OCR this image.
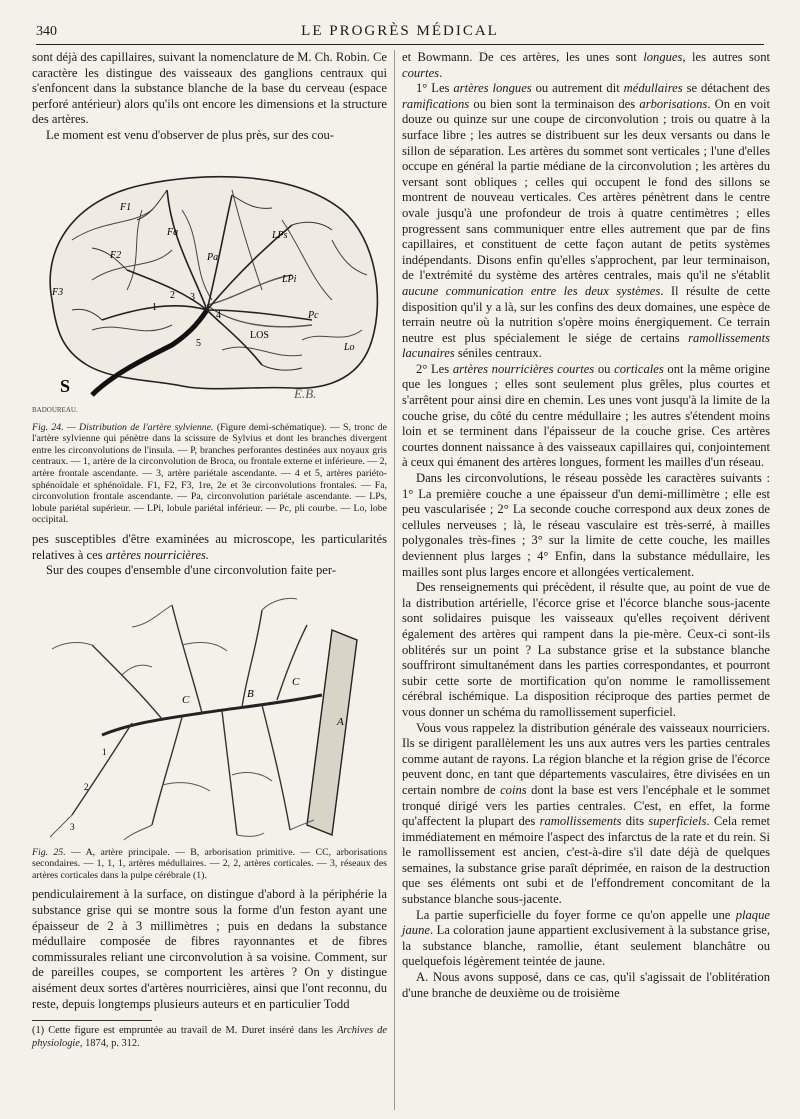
340	LE PROGRÈS MÉDICAL

sont déjà des capillaires, suivant la nomenclature de M. Ch. Robin. Ce caractère les distingue des vaisseaux des ganglions centraux qui s'enfoncent dans la substance blanche de la base du cerveau (espace perforé antérieur) alors qu'ils ont encore les dimensions et la structure des artères.

Le moment est venu d'observer de plus près, sur des cou-

F1
F2
F3
Fa
Pa
LPs
LPi
Pc
LOS
Lo
1
2 3
4
5
S	E.B.
BADOUREAU.
Fig. 24. — Distribution de l'artère sylvienne. (Figure demi-schématique). — S, tronc de l'artère sylvienne qui pénètre dans la scissure de Sylvius et dont les branches divergent entre les circonvolutions de l'insula. — P, branches perforantes destinées aux noyaux gris centraux. — 1, artère de la circonvolution de Broca, ou frontale externe et inférieure. — 2, artère frontale ascendante. — 3, artère pariétale ascendante. — 4 et 5, artères pariéto-sphénoïdale et sphénoïdale. F1, F2, F3, 1re, 2e et 3e circonvolutions frontales. — Fa, circonvolution frontale ascendante. — Pa, circonvolution pariétale ascendante. — LPs, lobule pariétal supérieur. — LPi, lobule pariétal inférieur. — Pc, pli courbe. — Lo, lobe occipital.

pes susceptibles d'être examinées au microscope, les particularités relatives à ces artères nourricières.

Sur des coupes d'ensemble d'une circonvolution faite per-

A
B
C
C
1
2
3
Fig. 25. — A, artère principale. — B, arborisation primitive. — CC, arborisations secondaires. — 1, 1, 1, artères médullaires. — 2, 2, artères corticales. — 3, réseaux des artères corticales dans la pulpe cérébrale (1).

pendiculairement à la surface, on distingue d'abord à la périphérie la substance grise qui se montre sous la forme d'un feston ayant une épaisseur de 2 à 3 millimètres ; puis en dedans la substance médullaire composée de fibres rayonnantes et de fibres commissurales reliant une circonvolution à sa voisine. Comment, sur de pareilles coupes, se comportent les artères ? On y distingue aisément deux sortes d'artères nourricières, ainsi que l'ont reconnu, du reste, depuis longtemps plusieurs auteurs et en particulier Todd

(1) Cette figure est empruntée au travail de M. Duret inséré dans les Archives de physiologie, 1874, p. 312.

et Bowmann. De ces artères, les unes sont longues, les autres sont courtes.

1° Les artères longues ou autrement dit médullaires se détachent des ramifications ou bien sont la terminaison des arborisations. On en voit douze ou quinze sur une coupe de circonvolution ; trois ou quatre à la surface libre ; les autres se distribuent sur les deux versants ou dans le sillon de séparation. Les artères du sommet sont verticales ; l'une d'elles occupe en général la partie médiane de la circonvolution ; les artères du versant sont obliques ; celles qui occupent le fond des sillons se montrent de nouveau verticales. Ces artères pénètrent dans le centre ovale jusqu'à une profondeur de trois à quatre centimètres ; elles progressent sans communiquer entre elles autrement que par de fins capillaires, et constituent de cette façon autant de petits systèmes indépendants. Disons enfin qu'elles s'approchent, par leur terminaison, de l'extrémité du système des artères centrales, mais qu'il ne s'établit aucune communication entre les deux systèmes. Il résulte de cette disposition qu'il y a là, sur les confins des deux domaines, une espèce de terrain neutre où la nutrition s'opère moins énergiquement. Ce terrain neutre est plus spécialement le siége de certains ramollissements lacunaires séniles centraux.

2° Les artères nourricières courtes ou corticales ont la même origine que les longues ; elles sont seulement plus grêles, plus courtes et s'arrêtent pour ainsi dire en chemin. Les unes vont jusqu'à la limite de la couche grise, du côté du centre médullaire ; les autres s'étendent moins loin et se terminent dans l'épaisseur de la couche grise. Ces artères courtes donnent naissance à des vaisseaux capillaires qui, conjointement à ceux qui émanent des artères longues, forment les mailles d'un réseau.

Dans les circonvolutions, le réseau possède les caractères suivants : 1° La première couche a une épaisseur d'un demi-millimètre ; elle est peu vascularisée ; 2° La seconde couche correspond aux deux zones de cellules nerveuses ; là, le réseau vasculaire est très-serré, à mailles polygonales très-fines ; 3° sur la limite de cette couche, les mailles deviennent plus larges ; 4° Enfin, dans la substance médullaire, les mailles sont plus larges encore et allongées verticalement.

Des renseignements qui précèdent, il résulte que, au point de vue de la distribution artérielle, l'écorce grise et l'écorce blanche sous-jacente sont solidaires puisque les vaisseaux qu'elles reçoivent dérivent également des artères qui rampent dans la pie-mère. Ceux-ci sont-ils oblitérés sur un point ? La substance grise et la substance blanche souffriront simultanément dans les parties correspondantes, et pourront subir cette sorte de mortification qu'on nomme le ramollissement cérébral ischémique. La disposition réciproque des parties permet de vous donner un schéma du ramollissement superficiel.

Vous vous rappelez la distribution générale des vaisseaux nourriciers. Ils se dirigent parallèlement les uns aux autres vers les parties centrales comme autant de rayons. La région blanche et la région grise de l'écorce peuvent donc, en tant que départements vasculaires, être divisées en un certain nombre de coins dont la base est vers l'encéphale et le sommet tronqué dirigé vers les parties centrales. C'est, en effet, la forme qu'affectent la plupart des ramollissements dits superficiels. Cela remet immédiatement en mémoire l'aspect des infarctus de la rate et du rein. Si le ramollissement est ancien, c'est-à-dire s'il date déjà de quelques semaines, la substance grise paraît déprimée, en raison de la destruction que ses éléments ont subi et de l'effondrement concomitant de la substance blanche sous-jacente.

La partie superficielle du foyer forme ce qu'on appelle une plaque jaune. La coloration jaune appartient exclusivement à la substance grise, la substance blanche, ramollie, étant seulement blanchâtre ou quelquefois légèrement teintée de jaune.

A. Nous avons supposé, dans ce cas, qu'il s'agissait de l'oblitération d'une branche de deuxième ou de troisième
